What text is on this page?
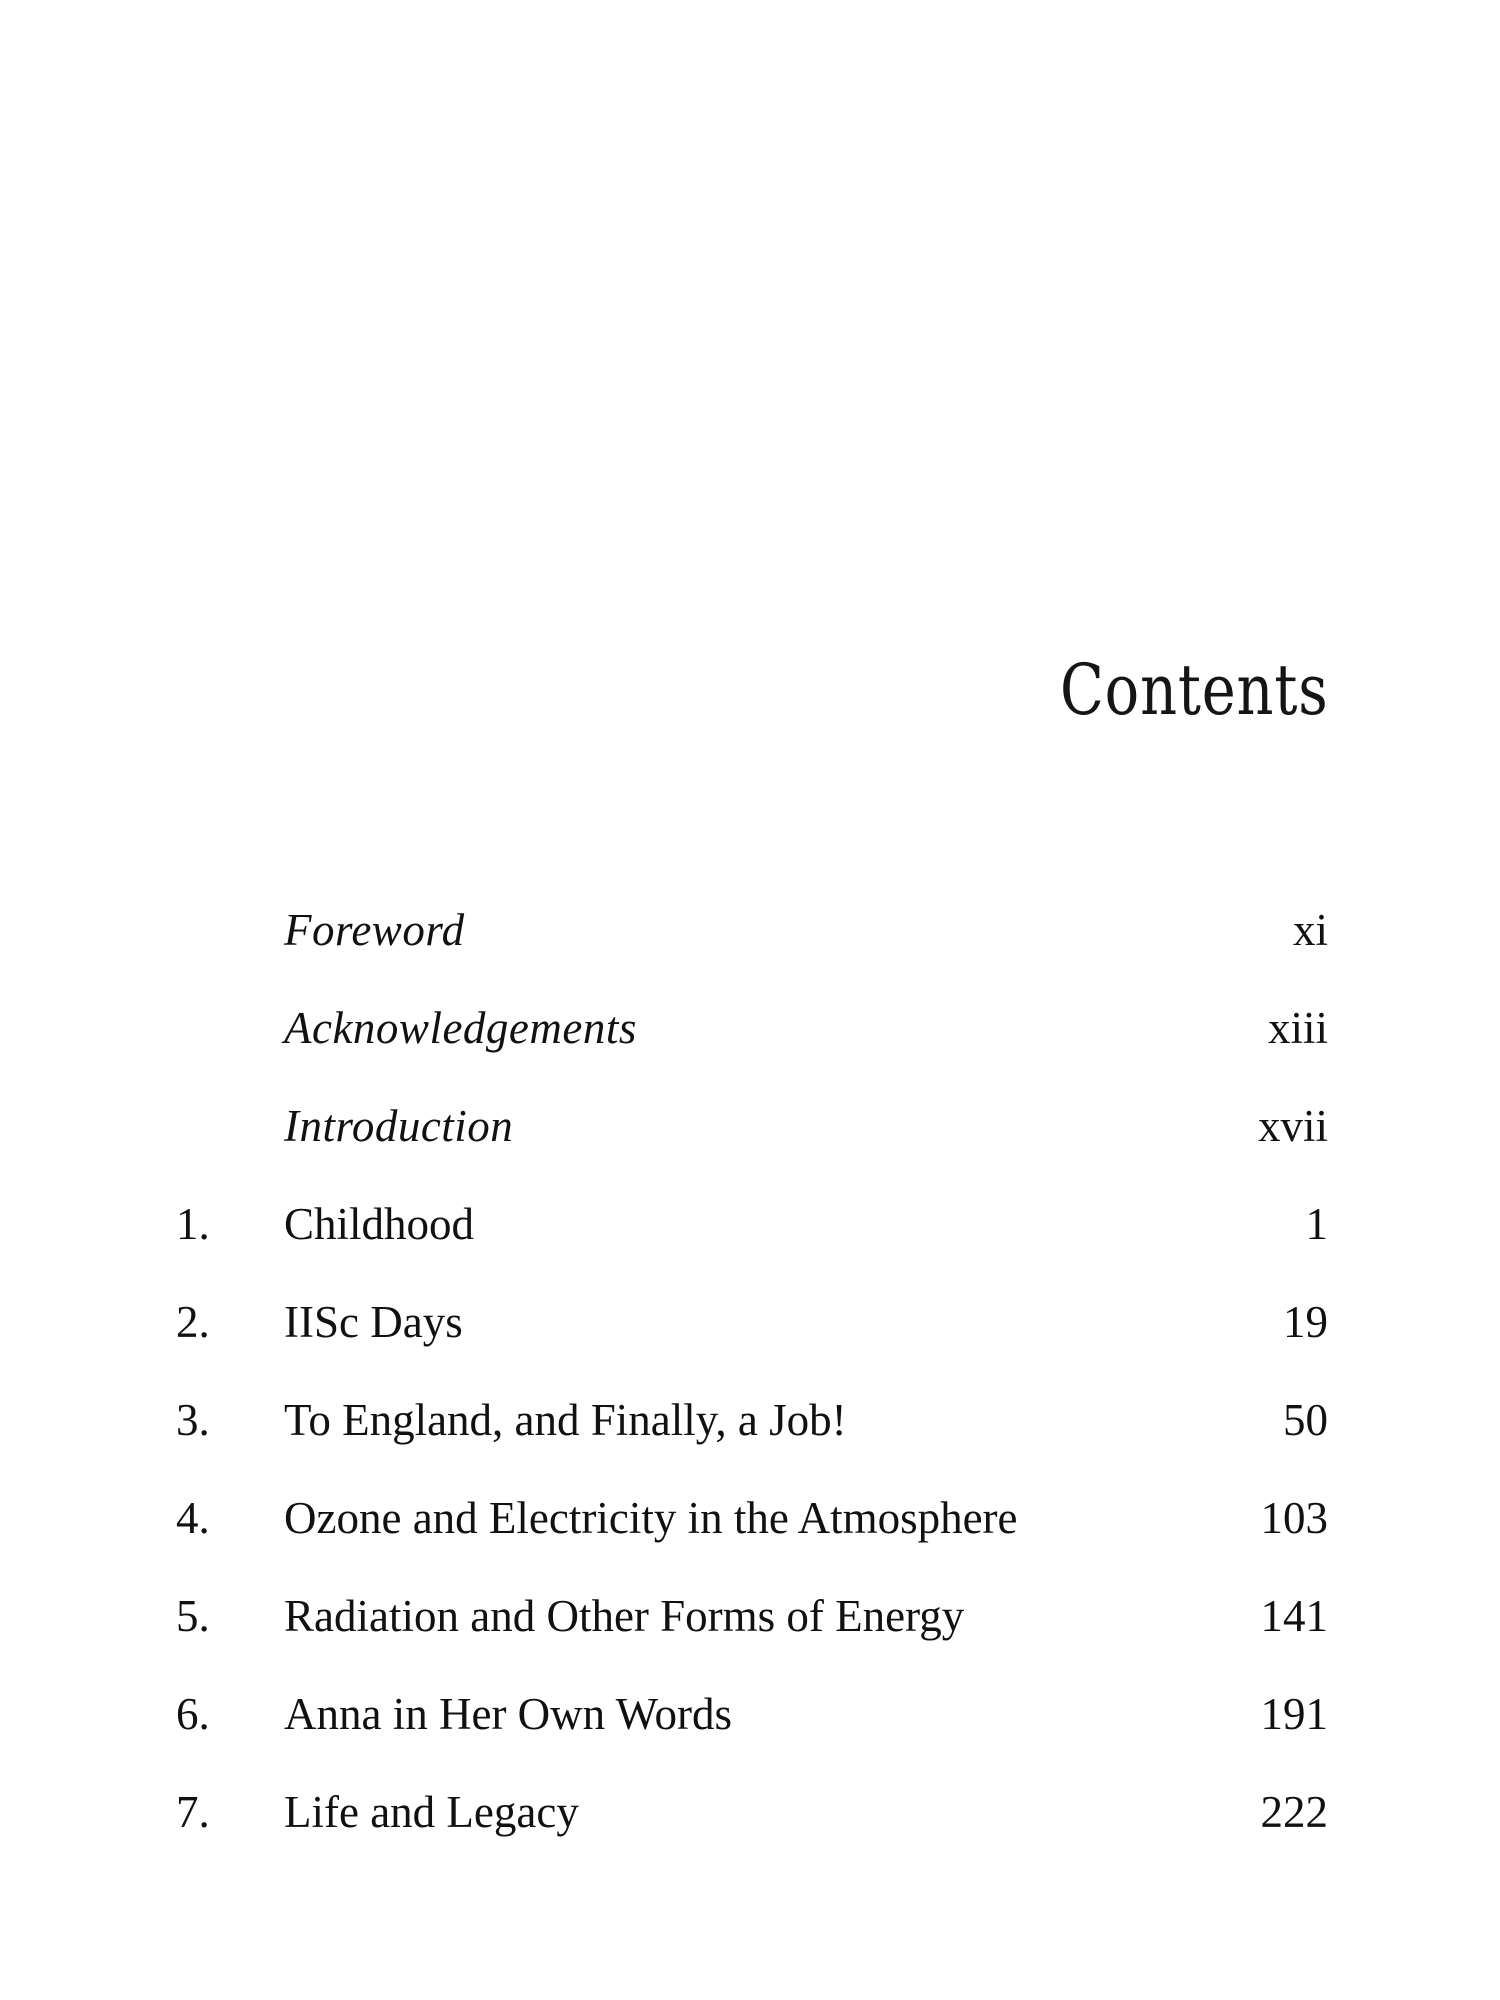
Contents
Foreword	xi
Acknowledgements	xiii
Introduction	xvii
1.	Childhood	1
2.	IISc Days	19
3.	To England, and Finally, a Job!	50
4.	Ozone and Electricity in the Atmosphere	103
5.	Radiation and Other Forms of Energy	141
6.	Anna in Her Own Words	191
7.	Life and Legacy	222
